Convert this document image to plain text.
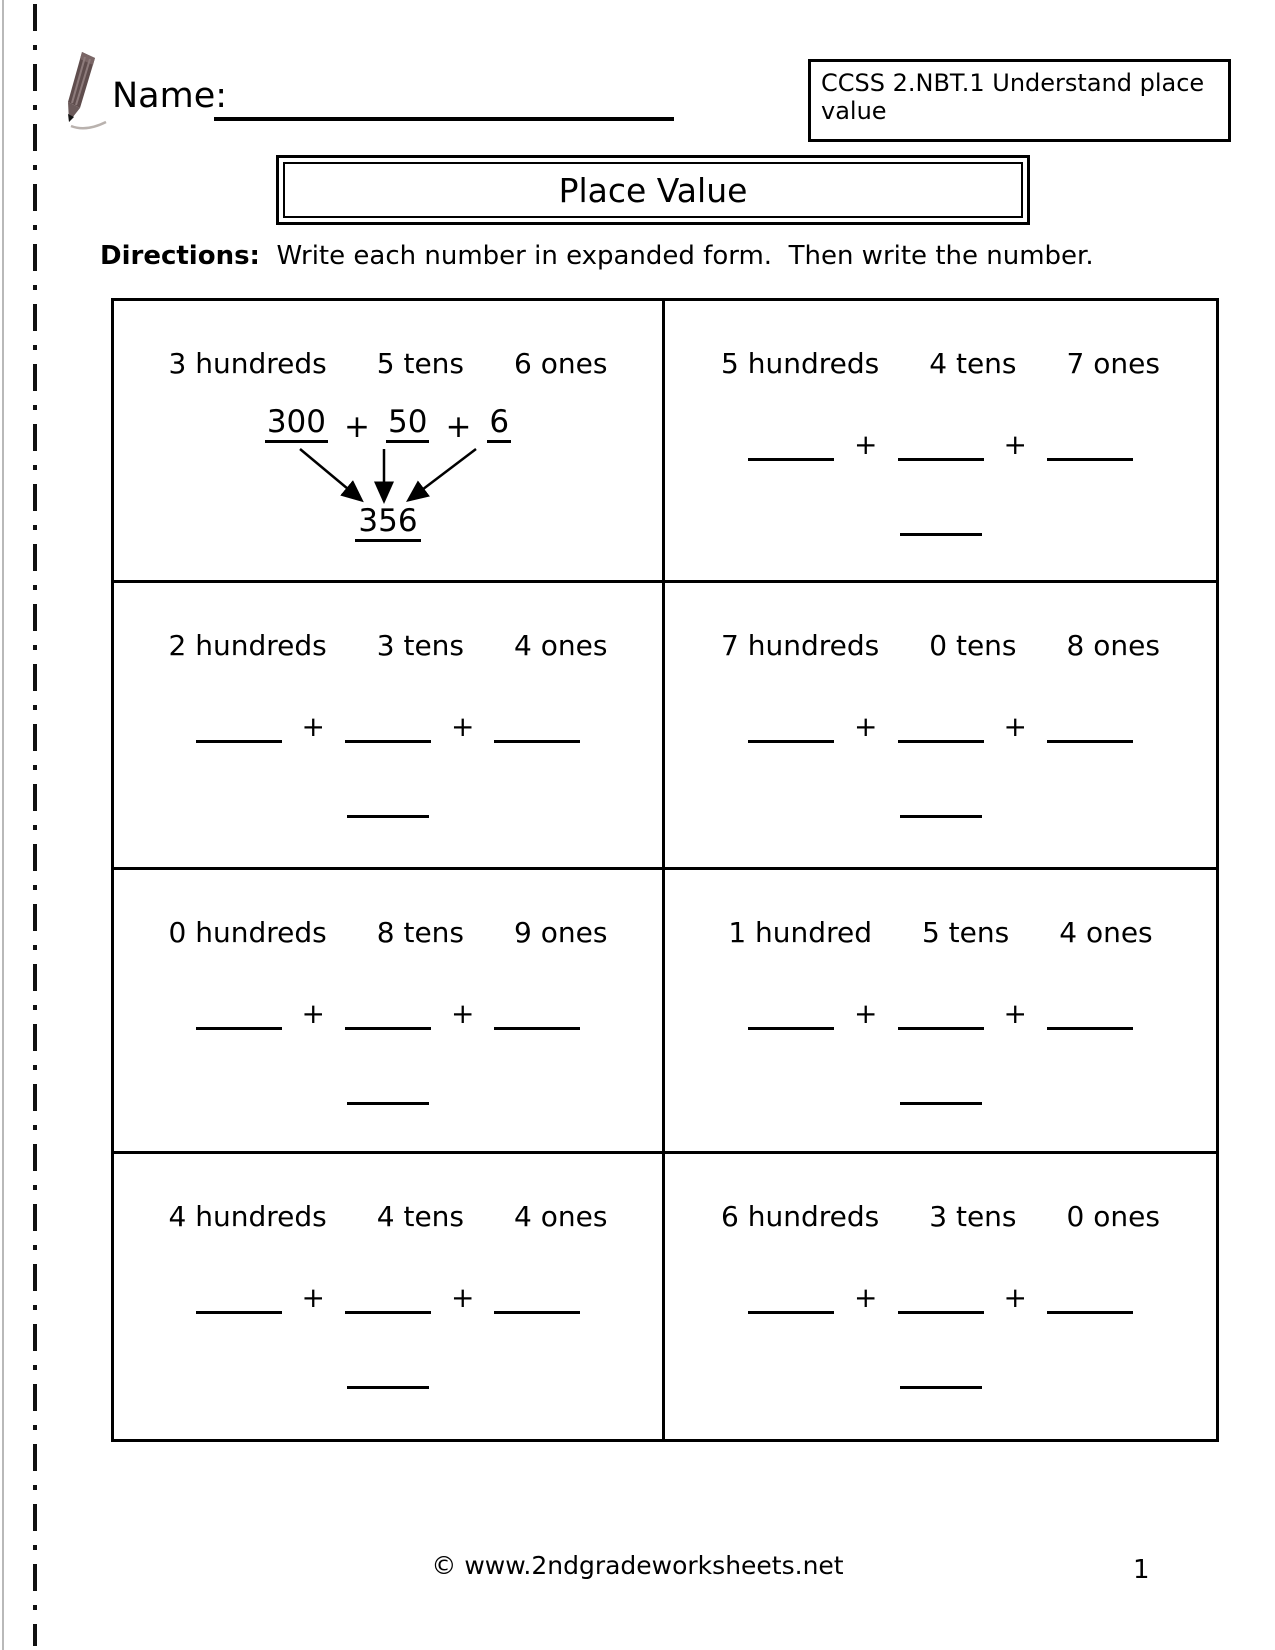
Name:	CCSS 2.NBT.1 Understand place value
Place Value
Directions:  Write each number in expanded form.  Then write the number.
3 hundreds 5 tens 6 ones
300 + 50 + 6
356
5 hundreds 4 tens 7 ones
+	+
2 hundreds 3 tens 4 ones
+	+
7 hundreds 0 tens 8 ones
+	+
0 hundreds 8 tens 9 ones
+	+
1 hundred 5 tens 4 ones
+	+
4 hundreds 4 tens 4 ones
+	+
6 hundreds 3 tens 0 ones
+	+
© www.2ndgradeworksheets.net	1
